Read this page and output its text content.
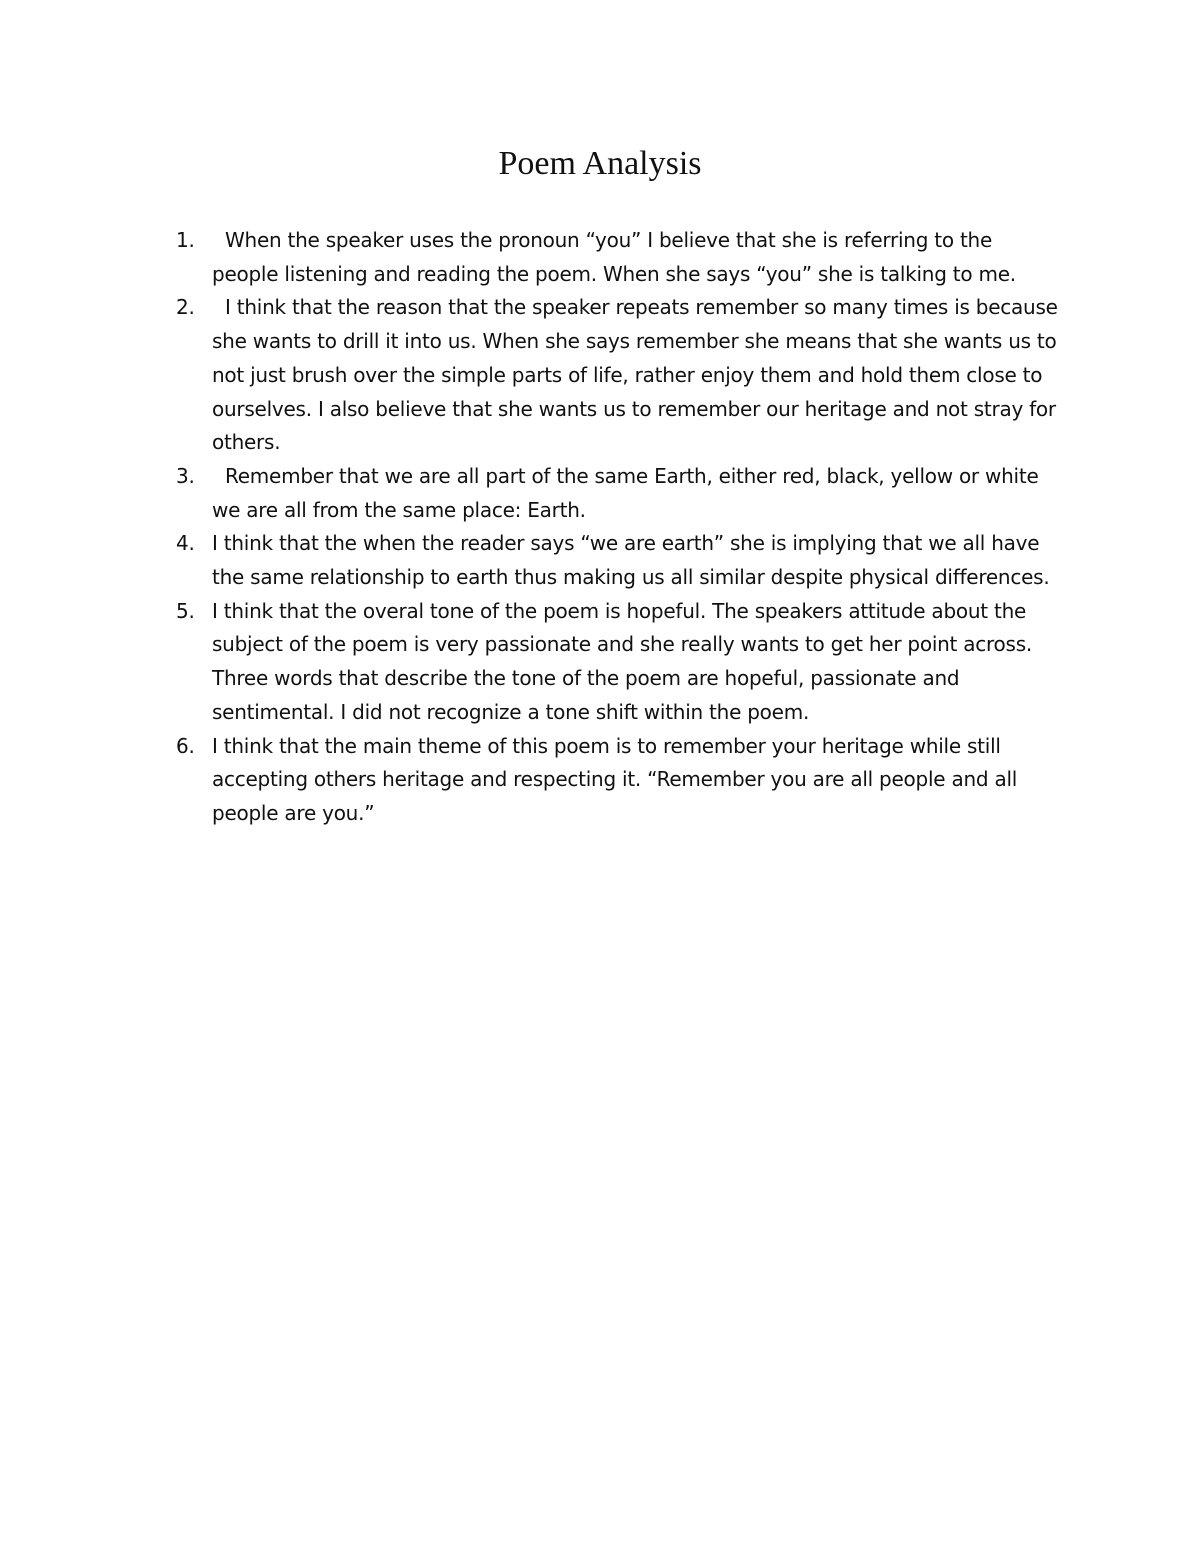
Poem Analysis
1.	When the speaker uses the pronoun “you” I believe that she is referring to the people listening and reading the poem. When she says “you” she is talking to me.
2.	I think that the reason that the speaker repeats remember so many times is because she wants to drill it into us. When she says remember she means that she wants us to not just brush over the simple parts of life, rather enjoy them and hold them close to ourselves. I also believe that she wants us to remember our heritage and not stray for others.
3.	Remember that we are all part of the same Earth, either red, black, yellow or white we are all from the same place: Earth.
4. I think that the when the reader says “we are earth” she is implying that we all have the same relationship to earth thus making us all similar despite physical differences.
5. I think that the overal tone of the poem is hopeful. The speakers attitude about the subject of the poem is very passionate and she really wants to get her point across. Three words that describe the tone of the poem are hopeful, passionate and sentimental. I did not recognize a tone shift within the poem.
6. I think that the main theme of this poem is to remember your heritage while still accepting others heritage and respecting it. “Remember you are all people and all people are you.”
